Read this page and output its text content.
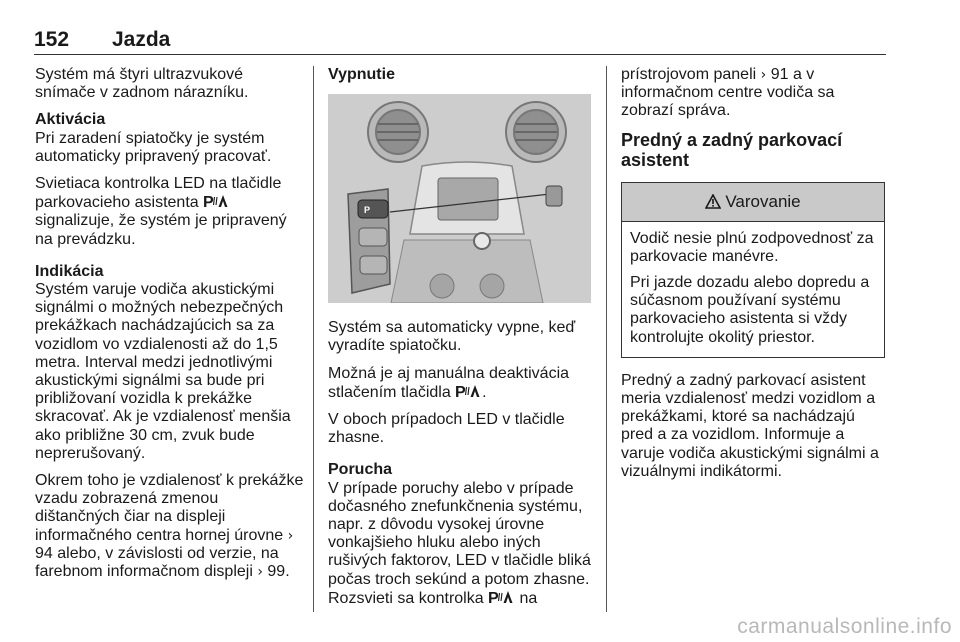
152 Jazda

Systém má štyri ultrazvukové snímače v zadnom nárazníku.

Aktivácia
Pri zaradení spiatočky je systém automaticky pripravený pracovať.

Svietiaca kontrolka LED na tlačidle parkovacieho asistenta  signalizuje, že systém je pripravený na prevádzku.

Indikácia
Systém varuje vodiča akustickými signálmi o možných nebezpečných prekážkach nachádzajúcich sa za vozidlom vo vzdialenosti až do 1,5 metra. Interval medzi jednotlivými akustickými signálmi sa bude pri približovaní vozidla k prekážke skracovať. Ak je vzdialenosť menšia ako približne 30 cm, zvuk bude neprerušovaný.

Okrem toho je vzdialenosť k prekážke vzadu zobrazená zmenou dištančných čiar na displeji informačného centra hornej úrovne › 94 alebo, v závislosti od verzie, na farebnom informačnom displeji › 99.

Vypnutie
P

Systém sa automaticky vypne, keď vyradíte spiatočku.

Možná je aj manuálna deaktivácia stlačením tlačidla .

V oboch prípadoch LED v tlačidle zhasne.

Porucha
V prípade poruchy alebo v prípade dočasného znefunkčnenia systému, napr. z dôvodu vysokej úrovne vonkajšieho hluku alebo iných rušivých faktorov, LED v tlačidle bliká počas troch sekúnd a potom zhasne. Rozsvieti sa kontrolka na

prístrojovom paneli › 91 a v informačnom centre vodiča sa zobrazí správa.

Predný a zadný parkovací asistent
Varovanie

Vodič nesie plnú zodpovednosť za parkovacie manévre.

Pri jazde dozadu alebo dopredu a súčasnom používaní systému parkovacieho asistenta si vždy kontrolujte okolitý priestor.

Predný a zadný parkovací asistent meria vzdialenosť medzi vozidlom a prekážkami, ktoré sa nachádzajú pred a za vozidlom. Informuje a varuje vodiča akustickými signálmi a vizuálnymi indikátormi.

carmanualsonline.info
